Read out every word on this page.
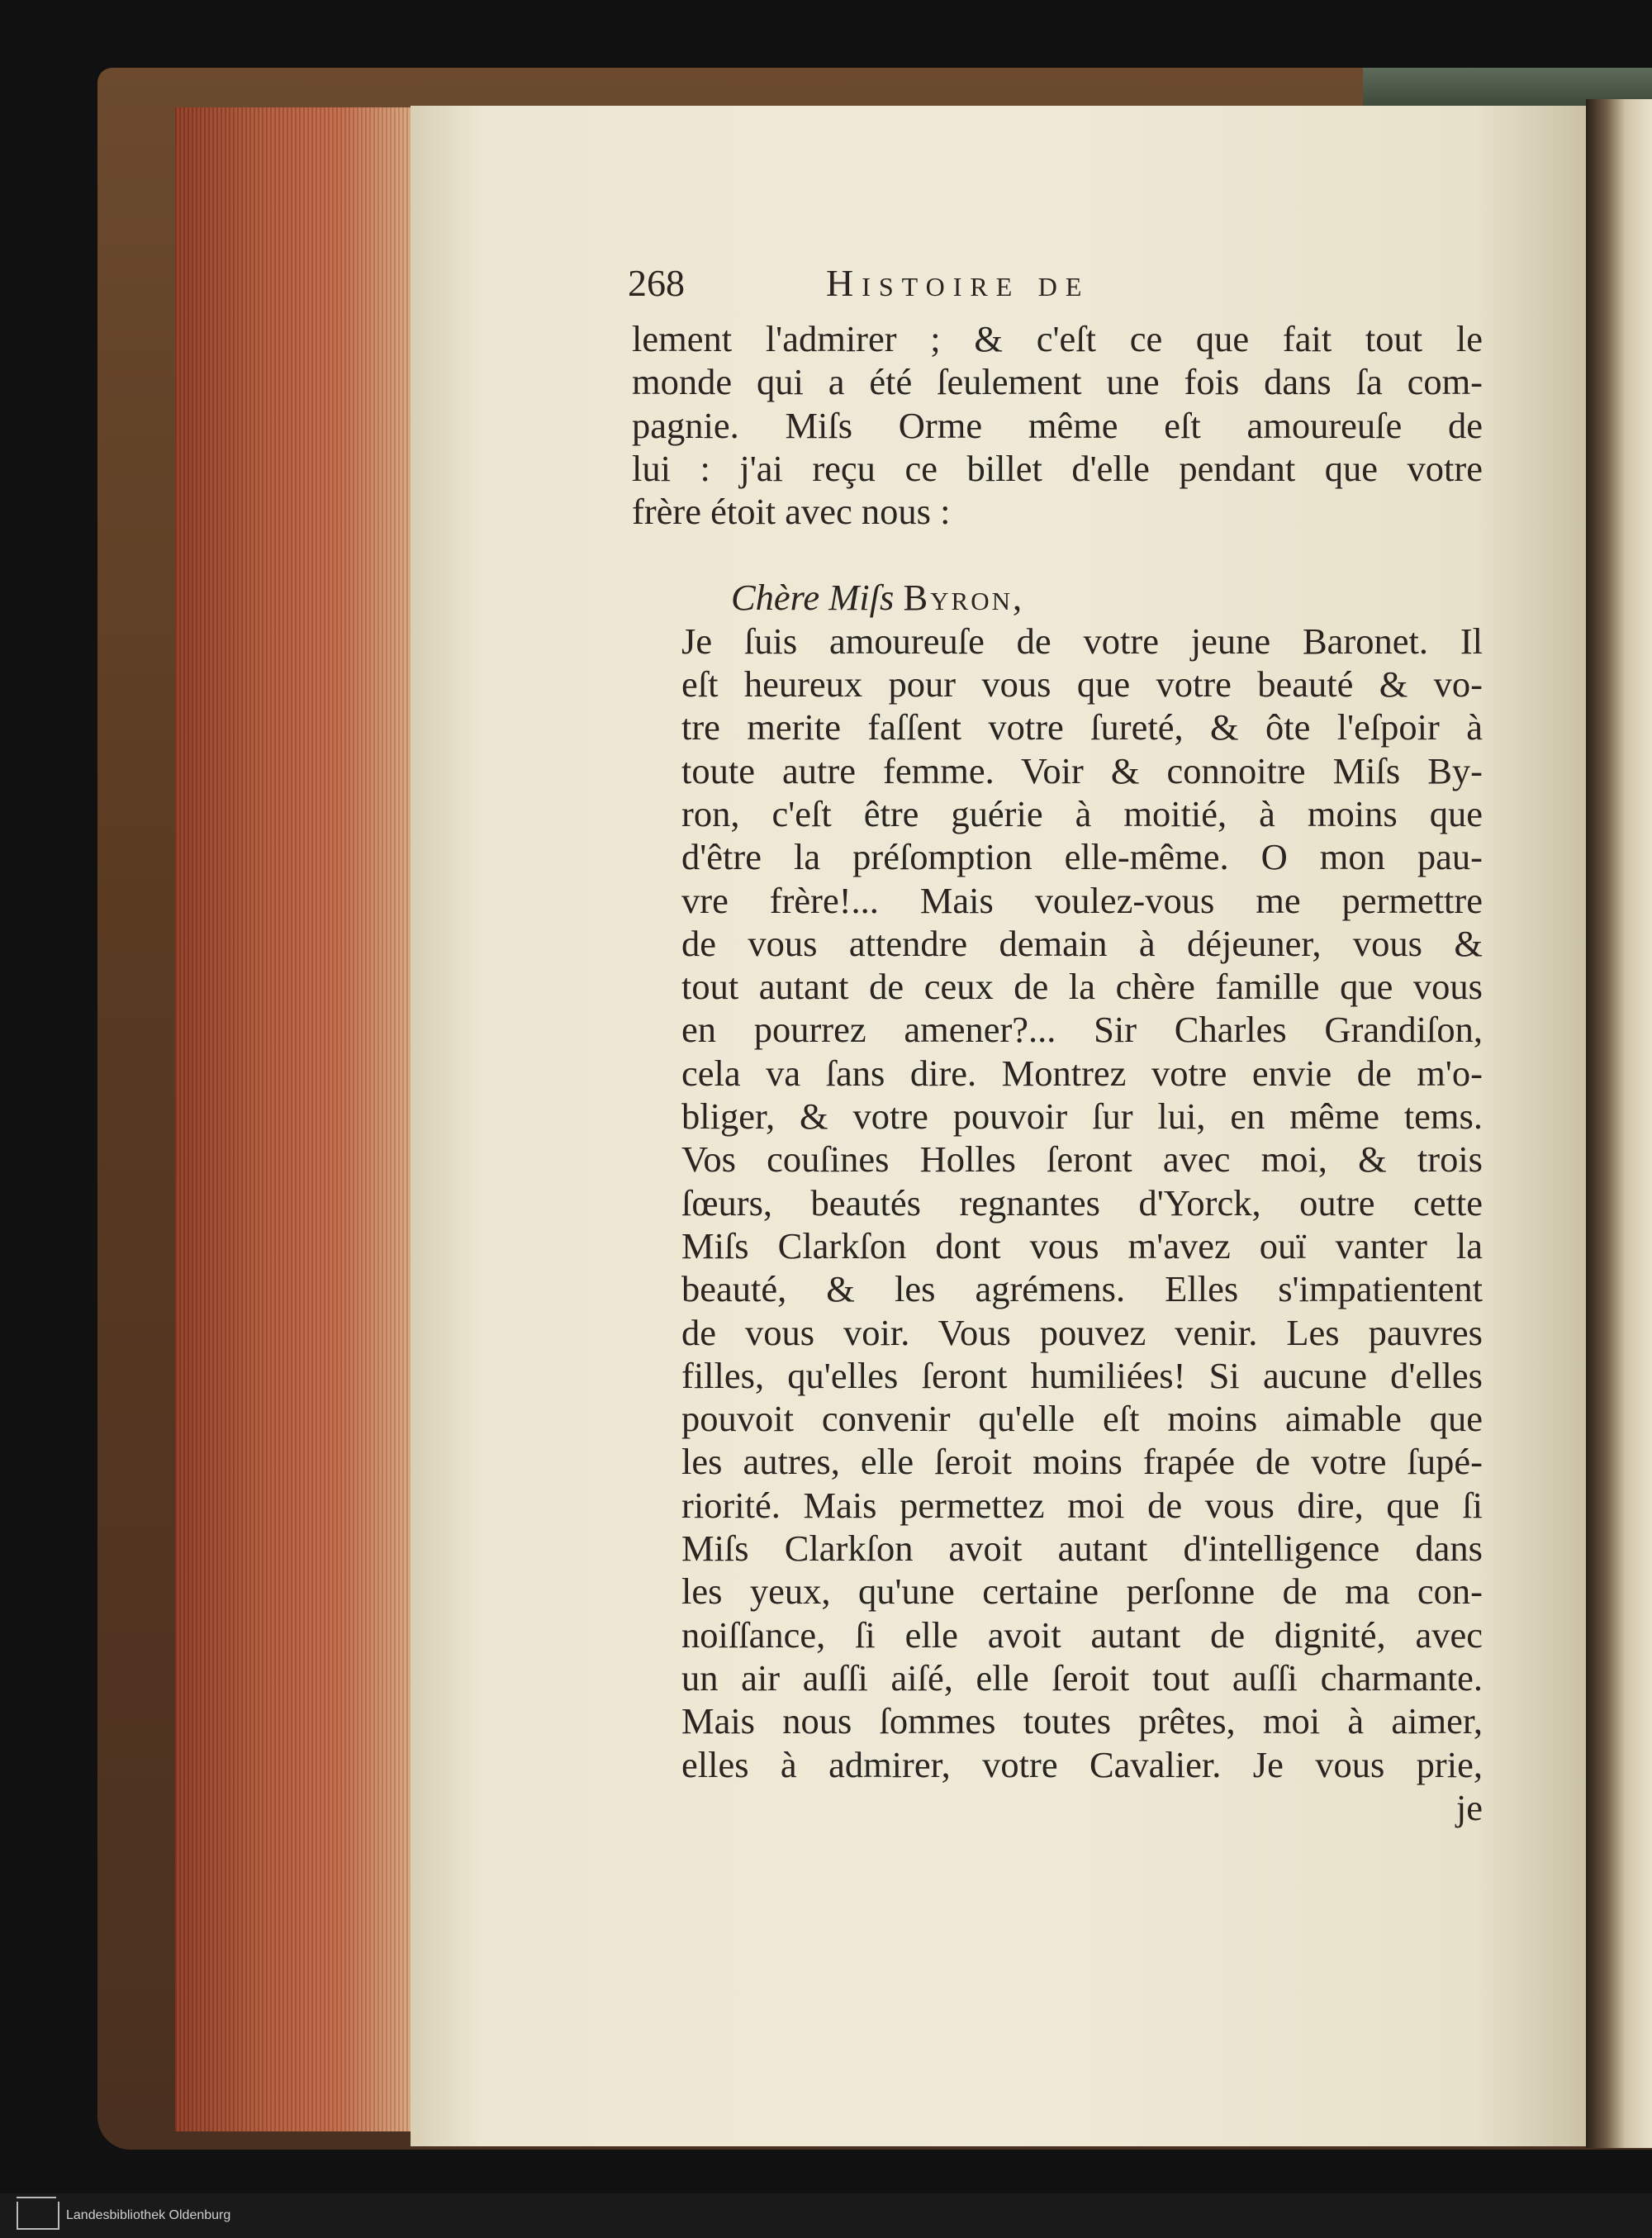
268	Histoire de
lement l'admirer ; & c'eſt ce que fait tout le
monde qui a été ſeulement une fois dans ſa com-
pagnie. Miſs Orme même eſt amoureuſe de
lui : j'ai reçu ce billet d'elle pendant que votre
frère étoit avec nous :
Chère Miſs Byron,
Je ſuis amoureuſe de votre jeune Baronet. Il
eſt heureux pour vous que votre beauté & vo-
tre merite faſſent votre ſureté, & ôte l'eſpoir à
toute autre femme. Voir & connoitre Miſs By-
ron, c'eſt être guérie à moitié, à moins que
d'être la préſomption elle-même. O mon pau-
vre frère!... Mais voulez-vous me permettre
de vous attendre demain à déjeuner, vous &
tout autant de ceux de la chère famille que vous
en pourrez amener?... Sir Charles Grandiſon,
cela va ſans dire. Montrez votre envie de m'o-
bliger, & votre pouvoir ſur lui, en même tems.
Vos couſines Holles ſeront avec moi, & trois
ſœurs, beautés regnantes d'Yorck, outre cette
Miſs Clarkſon dont vous m'avez ouï vanter la
beauté, & les agrémens. Elles s'impatientent
de vous voir. Vous pouvez venir. Les pauvres
filles, qu'elles ſeront humiliées! Si aucune d'elles
pouvoit convenir qu'elle eſt moins aimable que
les autres, elle ſeroit moins frapée de votre ſupé-
riorité. Mais permettez moi de vous dire, que ſi
Miſs Clarkſon avoit autant d'intelligence dans
les yeux, qu'une certaine perſonne de ma con-
noiſſance, ſi elle avoit autant de dignité, avec
un air auſſi aiſé, elle ſeroit tout auſſi charmante.
Mais nous ſommes toutes prêtes, moi à aimer,
elles à admirer, votre Cavalier. Je vous prie,
je
Landesbibliothek Oldenburg
